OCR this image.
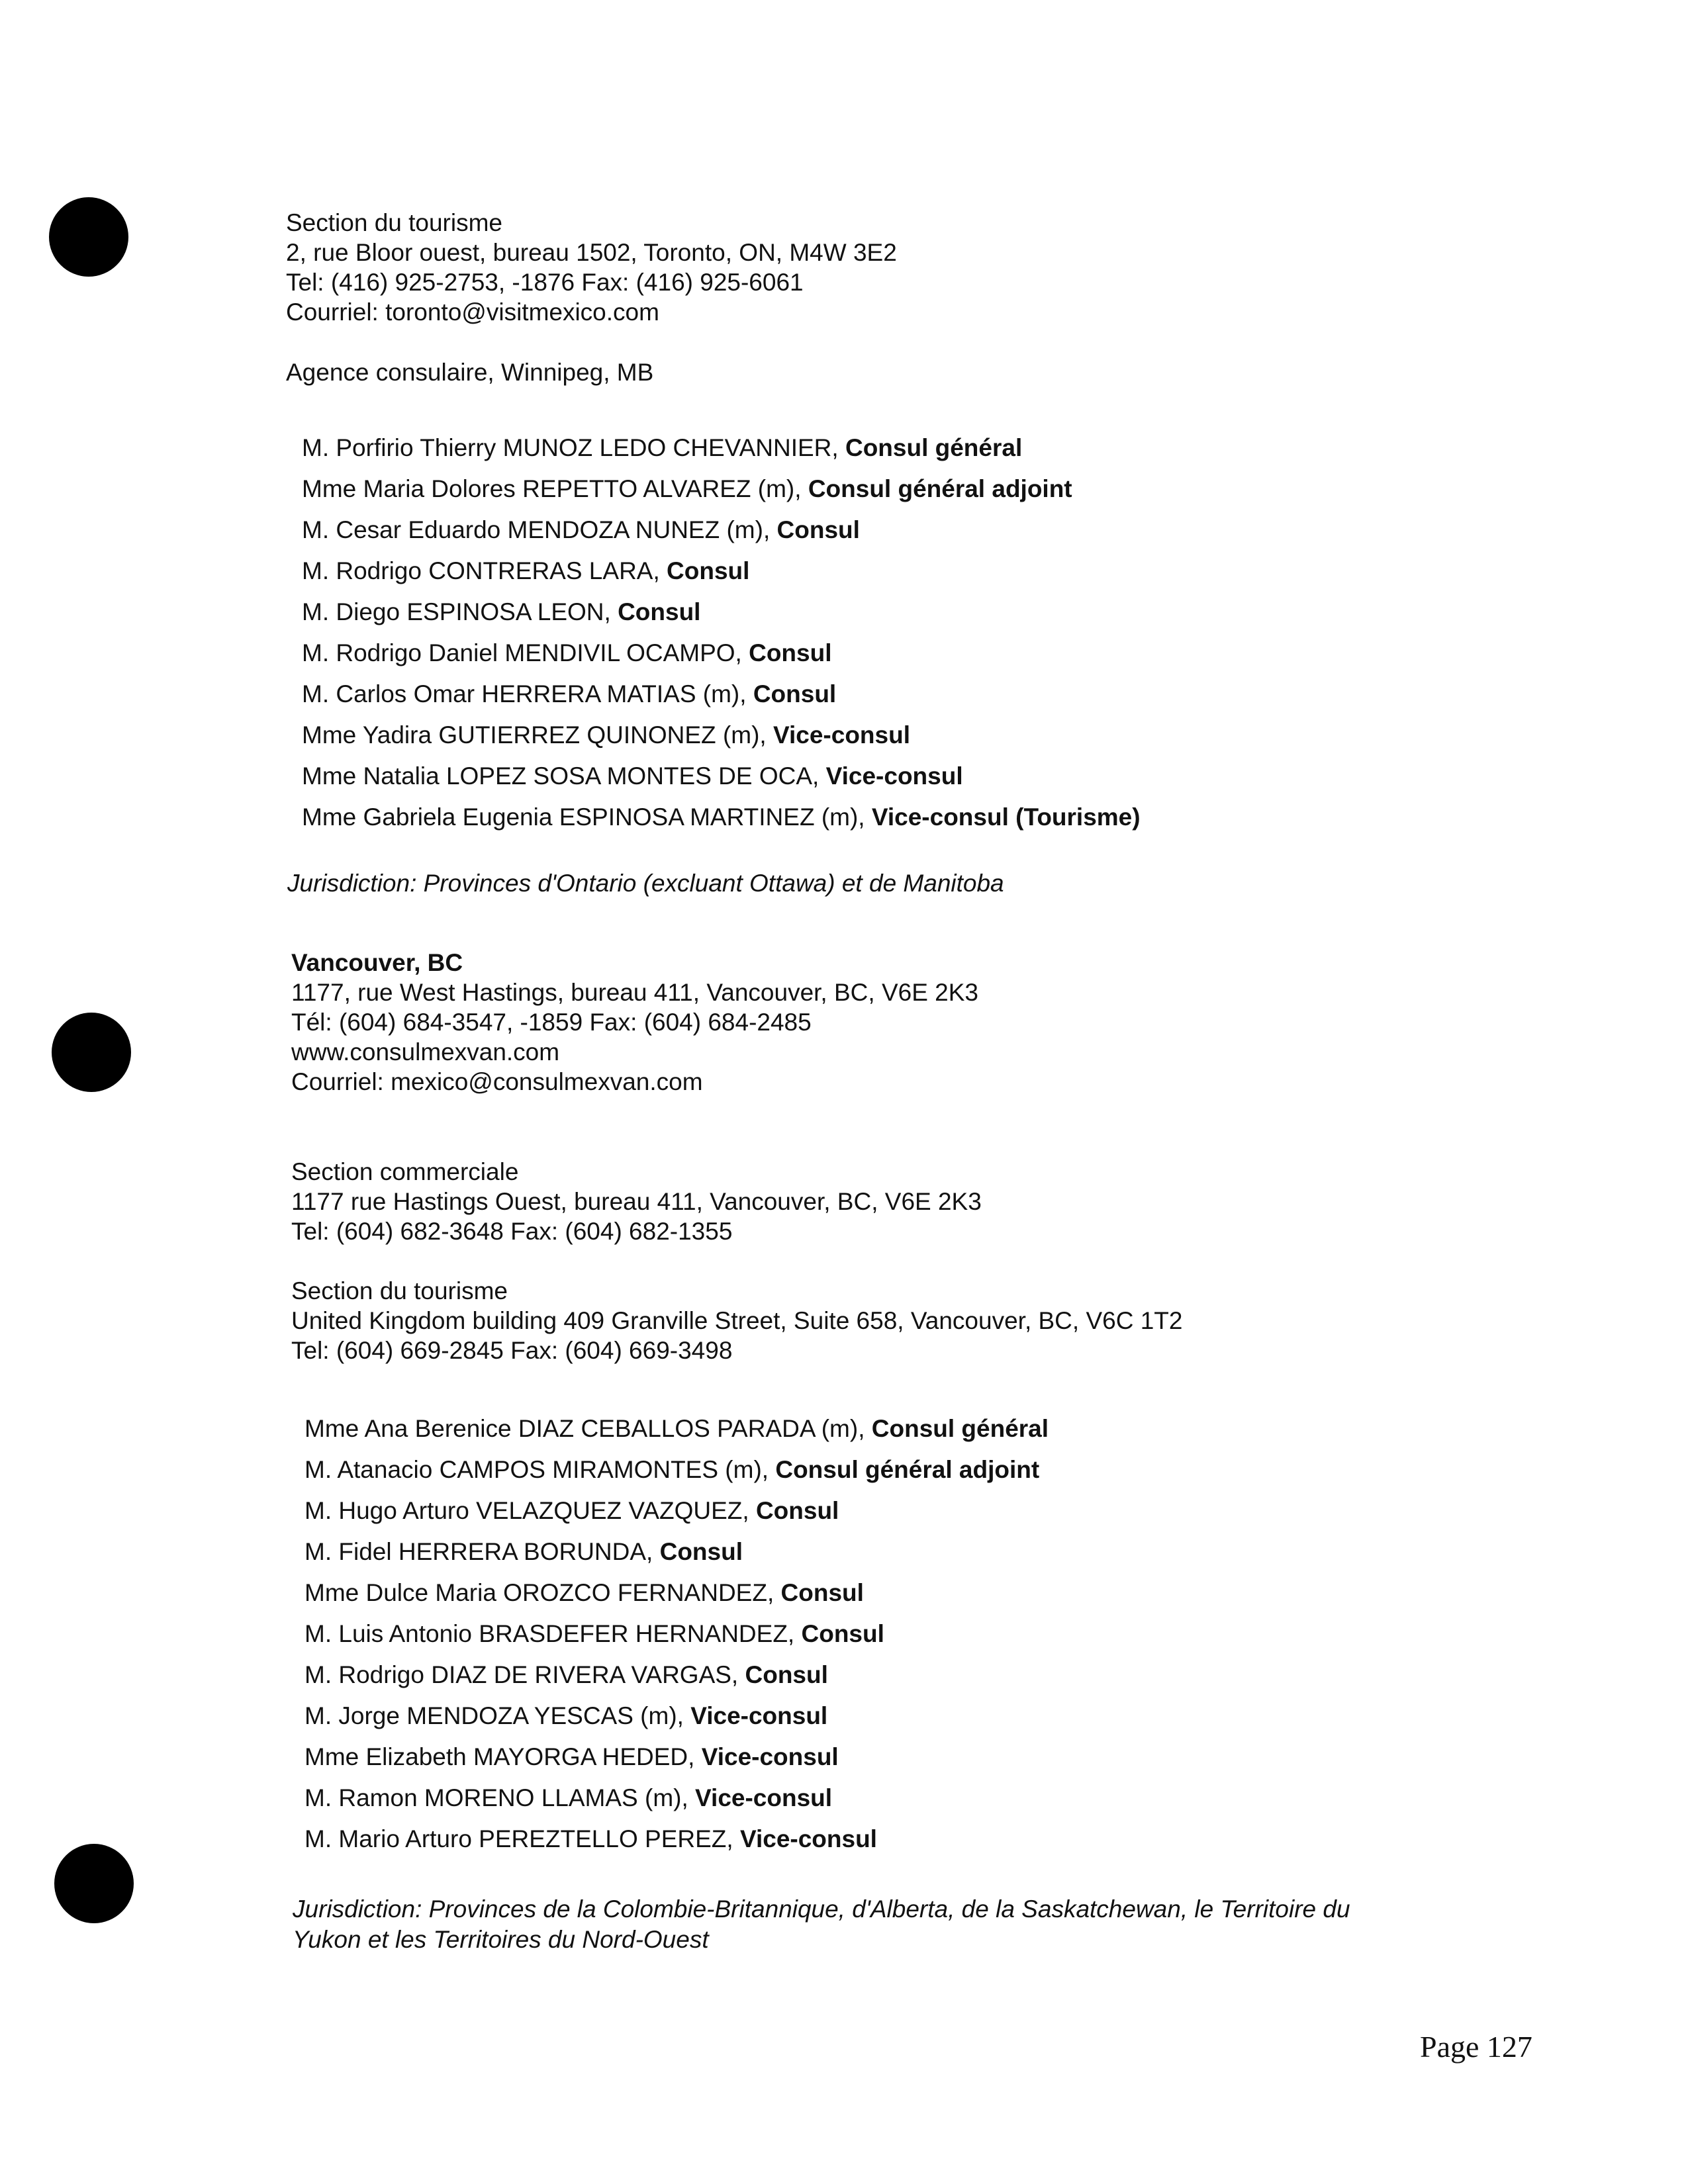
Section du tourisme
2, rue Bloor ouest, bureau 1502, Toronto, ON, M4W 3E2
Tel: (416) 925-2753, -1876 Fax: (416) 925-6061
Courriel: toronto@visitmexico.com
Agence consulaire, Winnipeg, MB
M. Porfirio Thierry MUNOZ LEDO CHEVANNIER, Consul général
Mme Maria Dolores REPETTO ALVAREZ (m), Consul général adjoint
M. Cesar Eduardo MENDOZA NUNEZ (m), Consul
M. Rodrigo CONTRERAS LARA, Consul
M. Diego ESPINOSA LEON, Consul
M. Rodrigo Daniel MENDIVIL OCAMPO, Consul
M. Carlos Omar HERRERA MATIAS (m), Consul
Mme Yadira GUTIERREZ QUINONEZ (m), Vice-consul
Mme Natalia LOPEZ SOSA MONTES DE OCA, Vice-consul
Mme Gabriela Eugenia ESPINOSA MARTINEZ (m), Vice-consul (Tourisme)
Jurisdiction: Provinces d'Ontario (excluant Ottawa) et de Manitoba
Vancouver, BC
1177, rue West Hastings, bureau 411, Vancouver, BC, V6E 2K3
Tél: (604) 684-3547, -1859 Fax: (604) 684-2485
www.consulmexvan.com
Courriel: mexico@consulmexvan.com
Section commerciale
1177 rue Hastings Ouest, bureau 411, Vancouver, BC, V6E 2K3
Tel: (604) 682-3648 Fax: (604) 682-1355
Section du tourisme
United Kingdom building 409 Granville Street, Suite 658, Vancouver, BC, V6C 1T2
Tel: (604) 669-2845 Fax: (604) 669-3498
Mme Ana Berenice DIAZ CEBALLOS PARADA (m), Consul général
M. Atanacio CAMPOS MIRAMONTES (m), Consul général adjoint
M. Hugo Arturo VELAZQUEZ VAZQUEZ, Consul
M. Fidel HERRERA BORUNDA, Consul
Mme Dulce Maria OROZCO FERNANDEZ, Consul
M. Luis Antonio BRASDEFER HERNANDEZ, Consul
M. Rodrigo DIAZ DE RIVERA VARGAS, Consul
M. Jorge MENDOZA YESCAS (m), Vice-consul
Mme Elizabeth MAYORGA HEDED, Vice-consul
M. Ramon MORENO LLAMAS (m), Vice-consul
M. Mario Arturo PEREZTELLO PEREZ, Vice-consul
Jurisdiction: Provinces de la Colombie-Britannique, d'Alberta, de la Saskatchewan, le Territoire du
Yukon et les Territoires du Nord-Ouest
Page 127
